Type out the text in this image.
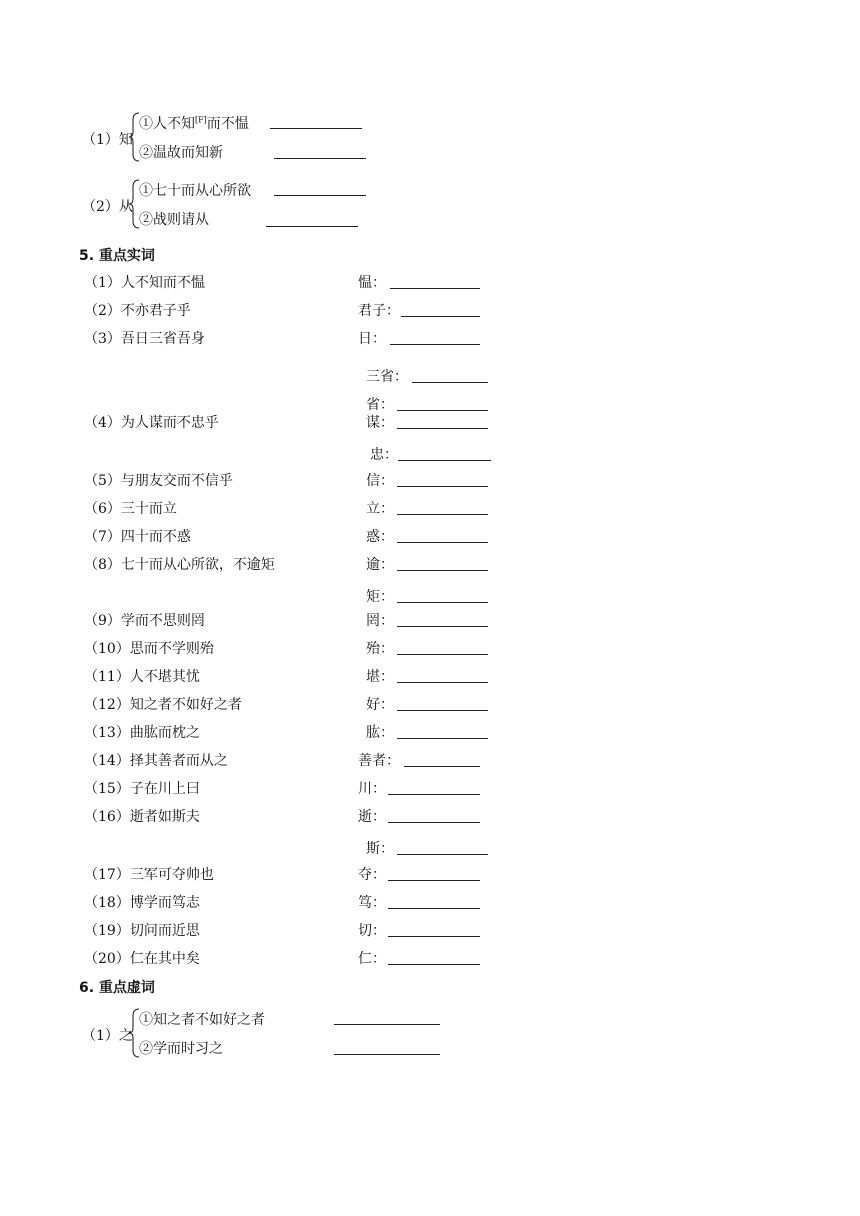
（1）知
①人不知[F]而不愠
②温故而知新
（2）从
①七十而从心所欲
②战则请从
5. 重点实词
（1）人不知而不愠	愠：
（2）不亦君子乎	君子：
（3）吾日三省吾身	日：
三省：
省：
（4）为人谋而不忠乎	谋：
忠：
（5）与朋友交而不信乎	信：
（6）三十而立	立：
（7）四十而不惑	惑：
（8）七十而从心所欲，不逾矩	逾：
矩：
（9）学而不思则罔	罔：
（10）思而不学则殆	殆：
（11）人不堪其忧	堪：
（12）知之者不如好之者	好：
（13）曲肱而枕之	肱：
（14）择其善者而从之	善者：
（15）子在川上曰	川：
（16）逝者如斯夫	逝：
斯：
（17）三军可夺帅也	夺：
（18）博学而笃志	笃：
（19）切问而近思	切：
（20）仁在其中矣	仁：
6. 重点虚词
（1）之
①知之者不如好之者
②学而时习之
